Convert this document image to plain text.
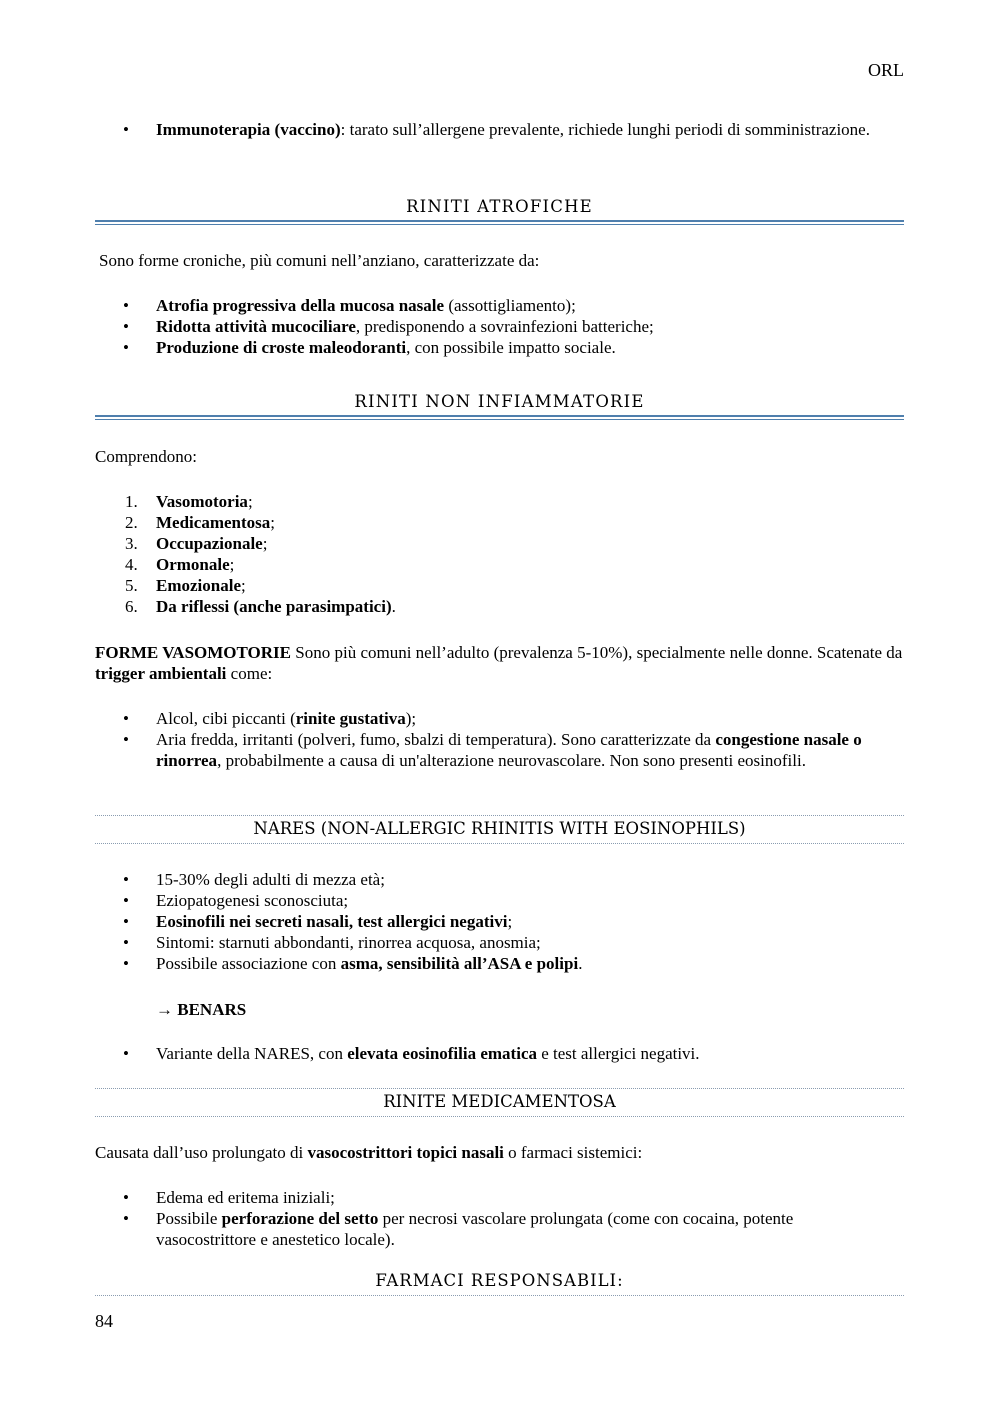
ORL
• Immunoterapia (vaccino): tarato sull’allergene prevalente, richiede lunghi periodi di somministrazione.
RINITI ATROFICHE
Sono forme croniche, più comuni nell’anziano, caratterizzate da:
• Atrofia progressiva della mucosa nasale (assottigliamento);
• Ridotta attività mucociliare, predisponendo a sovrainfezioni batteriche;
• Produzione di croste maleodoranti, con possibile impatto sociale.
RINITI NON INFIAMMATORIE
Comprendono:
1. Vasomotoria;
2. Medicamentosa;
3. Occupazionale;
4. Ormonale;
5. Emozionale;
6. Da riflessi (anche parasimpatici).
FORME VASOMOTORIE Sono più comuni nell’adulto (prevalenza 5-10%), specialmente nelle donne. Scatenate da trigger ambientali come:
• Alcol, cibi piccanti (rinite gustativa);
• Aria fredda, irritanti (polveri, fumo, sbalzi di temperatura). Sono caratterizzate da congestione nasale o rinorrea, probabilmente a causa di un'alterazione neurovascolare. Non sono presenti eosinofili.
NARES (NON-ALLERGIC RHINITIS WITH EOSINOPHILS)
• 15-30% degli adulti di mezza età;
• Eziopatogenesi sconosciuta;
• Eosinofili nei secreti nasali, test allergici negativi;
• Sintomi: starnuti abbondanti, rinorrea acquosa, anosmia;
• Possibile associazione con asma, sensibilità all’ASA e polipi.
→ BENARS
• Variante della NARES, con elevata eosinofilia ematica e test allergici negativi.
RINITE MEDICAMENTOSA
Causata dall’uso prolungato di vasocostrittori topici nasali o farmaci sistemici:
• Edema ed eritema iniziali;
• Possibile perforazione del setto per necrosi vascolare prolungata (come con cocaina, potente vasocostrittore e anestetico locale).
FARMACI RESPONSABILI:
84
